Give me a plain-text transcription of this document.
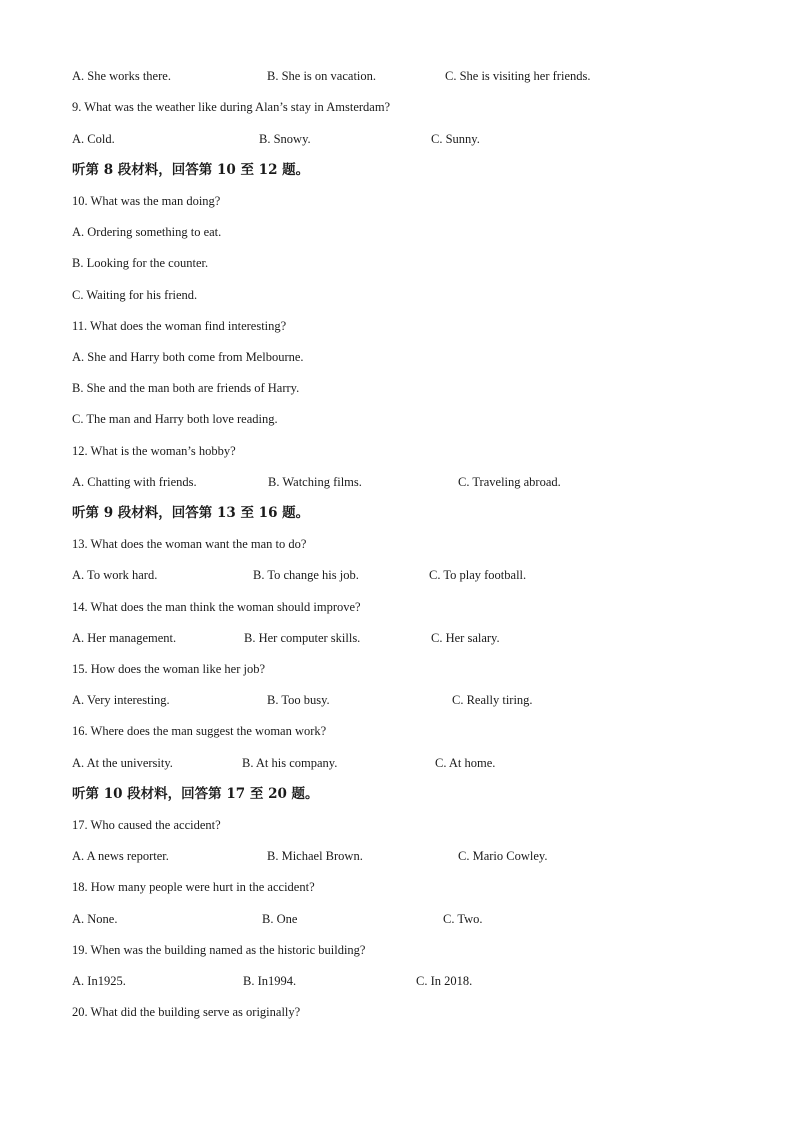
A. She works there.	B. She is on vacation.	C. She is visiting her friends.

9. What was the weather like during Alan’s stay in Amsterdam?

A. Cold.	B. Snowy.	C. Sunny.

听第 8 段材料，回答第 10 至 12 题。

10. What was the man doing?

A. Ordering something to eat.

B. Looking for the counter.

C. Waiting for his friend.

11. What does the woman find interesting?

A. She and Harry both come from Melbourne.

B. She and the man both are friends of Harry.

C. The man and Harry both love reading.

12. What is the woman’s hobby?

A. Chatting with friends.	B. Watching films.	C. Traveling abroad.

听第 9 段材料，回答第 13 至 16 题。

13. What does the woman want the man to do?

A. To work hard.	B. To change his job.	C. To play football.

14. What does the man think the woman should improve?

A. Her management.	B. Her computer skills.	C. Her salary.

15. How does the woman like her job?

A. Very interesting.	B. Too busy.	C. Really tiring.

16. Where does the man suggest the woman work?

A. At the university.	B. At his company.	C. At home.

听第 10 段材料，回答第 17 至 20 题。

17. Who caused the accident?

A. A news reporter.	B. Michael Brown.	C. Mario Cowley.

18. How many people were hurt in the accident?

A. None.	B. One	C. Two.

19. When was the building named as the historic building?

A. In1925.	B. In1994.	C. In 2018.

20. What did the building serve as originally?
